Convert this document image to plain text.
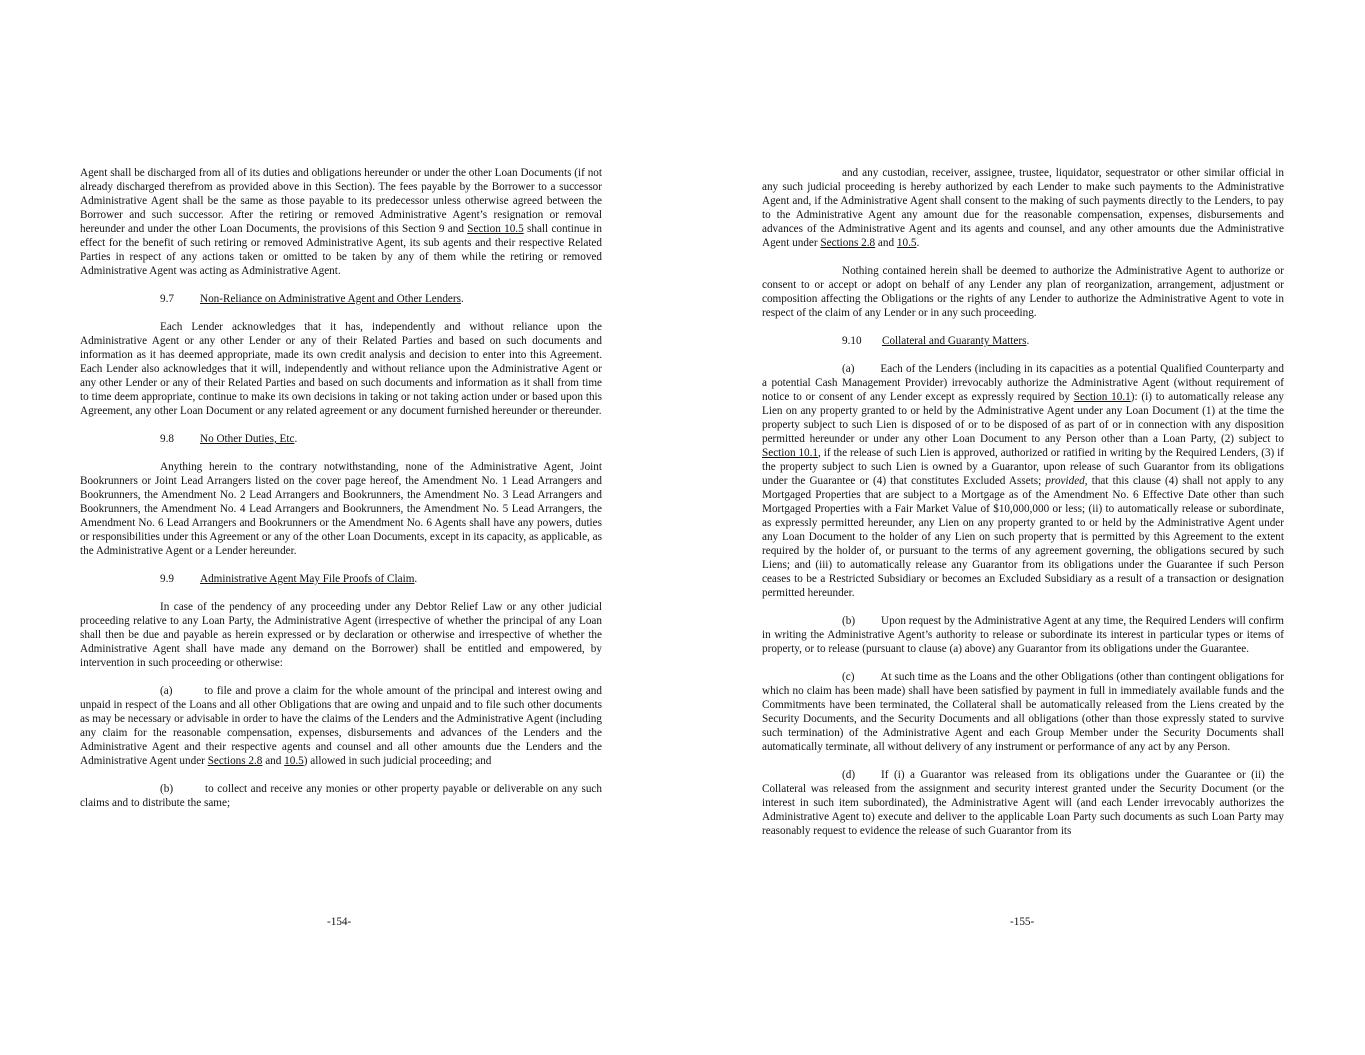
Agent shall be discharged from all of its duties and obligations hereunder or under the other Loan Documents (if not already discharged therefrom as provided above in this Section). The fees payable by the Borrower to a successor Administrative Agent shall be the same as those payable to its predecessor unless otherwise agreed between the Borrower and such successor. After the retiring or removed Administrative Agent’s resignation or removal hereunder and under the other Loan Documents, the provisions of this Section 9 and Section 10.5 shall continue in effect for the benefit of such retiring or removed Administrative Agent, its sub agents and their respective Related Parties in respect of any actions taken or omitted to be taken by any of them while the retiring or removed Administrative Agent was acting as Administrative Agent.

9.7 Non-Reliance on Administrative Agent and Other Lenders.

Each Lender acknowledges that it has, independently and without reliance upon the Administrative Agent or any other Lender or any of their Related Parties and based on such documents and information as it has deemed appropriate, made its own credit analysis and decision to enter into this Agreement. Each Lender also acknowledges that it will, independently and without reliance upon the Administrative Agent or any other Lender or any of their Related Parties and based on such documents and information as it shall from time to time deem appropriate, continue to make its own decisions in taking or not taking action under or based upon this Agreement, any other Loan Document or any related agreement or any document furnished hereunder or thereunder.

9.8 No Other Duties, Etc.

Anything herein to the contrary notwithstanding, none of the Administrative Agent, Joint Bookrunners or Joint Lead Arrangers listed on the cover page hereof, the Amendment No. 1 Lead Arrangers and Bookrunners, the Amendment No. 2 Lead Arrangers and Bookrunners, the Amendment No. 3 Lead Arrangers and Bookrunners, the Amendment No. 4 Lead Arrangers and Bookrunners, the Amendment No. 5 Lead Arrangers, the Amendment No. 6 Lead Arrangers and Bookrunners or the Amendment No. 6 Agents shall have any powers, duties or responsibilities under this Agreement or any of the other Loan Documents, except in its capacity, as applicable, as the Administrative Agent or a Lender hereunder.

9.9 Administrative Agent May File Proofs of Claim.

In case of the pendency of any proceeding under any Debtor Relief Law or any other judicial proceeding relative to any Loan Party, the Administrative Agent (irrespective of whether the principal of any Loan shall then be due and payable as herein expressed or by declaration or otherwise and irrespective of whether the Administrative Agent shall have made any demand on the Borrower) shall be entitled and empowered, by intervention in such proceeding or otherwise:

(a)	to file and prove a claim for the whole amount of the principal and interest owing and unpaid in respect of the Loans and all other Obligations that are owing and unpaid and to file such other documents as may be necessary or advisable in order to have the claims of the Lenders and the Administrative Agent (including any claim for the reasonable compensation, expenses, disbursements and advances of the Lenders and the Administrative Agent and their respective agents and counsel and all other amounts due the Lenders and the Administrative Agent under Sections 2.8 and 10.5) allowed in such judicial proceeding; and

(b)	to collect and receive any monies or other property payable or deliverable on any such claims and to distribute the same;

-154-

and any custodian, receiver, assignee, trustee, liquidator, sequestrator or other similar official in any such judicial proceeding is hereby authorized by each Lender to make such payments to the Administrative Agent and, if the Administrative Agent shall consent to the making of such payments directly to the Lenders, to pay to the Administrative Agent any amount due for the reasonable compensation, expenses, disbursements and advances of the Administrative Agent and its agents and counsel, and any other amounts due the Administrative Agent under Sections 2.8 and 10.5.

Nothing contained herein shall be deemed to authorize the Administrative Agent to authorize or consent to or accept or adopt on behalf of any Lender any plan of reorganization, arrangement, adjustment or composition affecting the Obligations or the rights of any Lender to authorize the Administrative Agent to vote in respect of the claim of any Lender or in any such proceeding.

9.10 Collateral and Guaranty Matters.

(a) Each of the Lenders (including in its capacities as a potential Qualified Counterparty and a potential Cash Management Provider) irrevocably authorize the Administrative Agent (without requirement of notice to or consent of any Lender except as expressly required by Section 10.1): (i) to automatically release any Lien on any property granted to or held by the Administrative Agent under any Loan Document (1) at the time the property subject to such Lien is disposed of or to be disposed of as part of or in connection with any disposition permitted hereunder or under any other Loan Document to any Person other than a Loan Party, (2) subject to Section 10.1, if the release of such Lien is approved, authorized or ratified in writing by the Required Lenders, (3) if the property subject to such Lien is owned by a Guarantor, upon release of such Guarantor from its obligations under the Guarantee or (4) that constitutes Excluded Assets; provided, that this clause (4) shall not apply to any Mortgaged Properties that are subject to a Mortgage as of the Amendment No. 6 Effective Date other than such Mortgaged Properties with a Fair Market Value of $10,000,000 or less; (ii) to automatically release or subordinate, as expressly permitted hereunder, any Lien on any property granted to or held by the Administrative Agent under any Loan Document to the holder of any Lien on such property that is permitted by this Agreement to the extent required by the holder of, or pursuant to the terms of any agreement governing, the obligations secured by such Liens; and (iii) to automatically release any Guarantor from its obligations under the Guarantee if such Person ceases to be a Restricted Subsidiary or becomes an Excluded Subsidiary as a result of a transaction or designation permitted hereunder.

(b) Upon request by the Administrative Agent at any time, the Required Lenders will confirm in writing the Administrative Agent’s authority to release or subordinate its interest in particular types or items of property, or to release (pursuant to clause (a) above) any Guarantor from its obligations under the Guarantee.

(c) At such time as the Loans and the other Obligations (other than contingent obligations for which no claim has been made) shall have been satisfied by payment in full in immediately available funds and the Commitments have been terminated, the Collateral shall be automatically released from the Liens created by the Security Documents, and the Security Documents and all obligations (other than those expressly stated to survive such termination) of the Administrative Agent and each Group Member under the Security Documents shall automatically terminate, all without delivery of any instrument or performance of any act by any Person.

(d) If (i) a Guarantor was released from its obligations under the Guarantee or (ii) the Collateral was released from the assignment and security interest granted under the Security Document (or the interest in such item subordinated), the Administrative Agent will (and each Lender irrevocably authorizes the Administrative Agent to) execute and deliver to the applicable Loan Party such documents as such Loan Party may reasonably request to evidence the release of such Guarantor from its

-155-
